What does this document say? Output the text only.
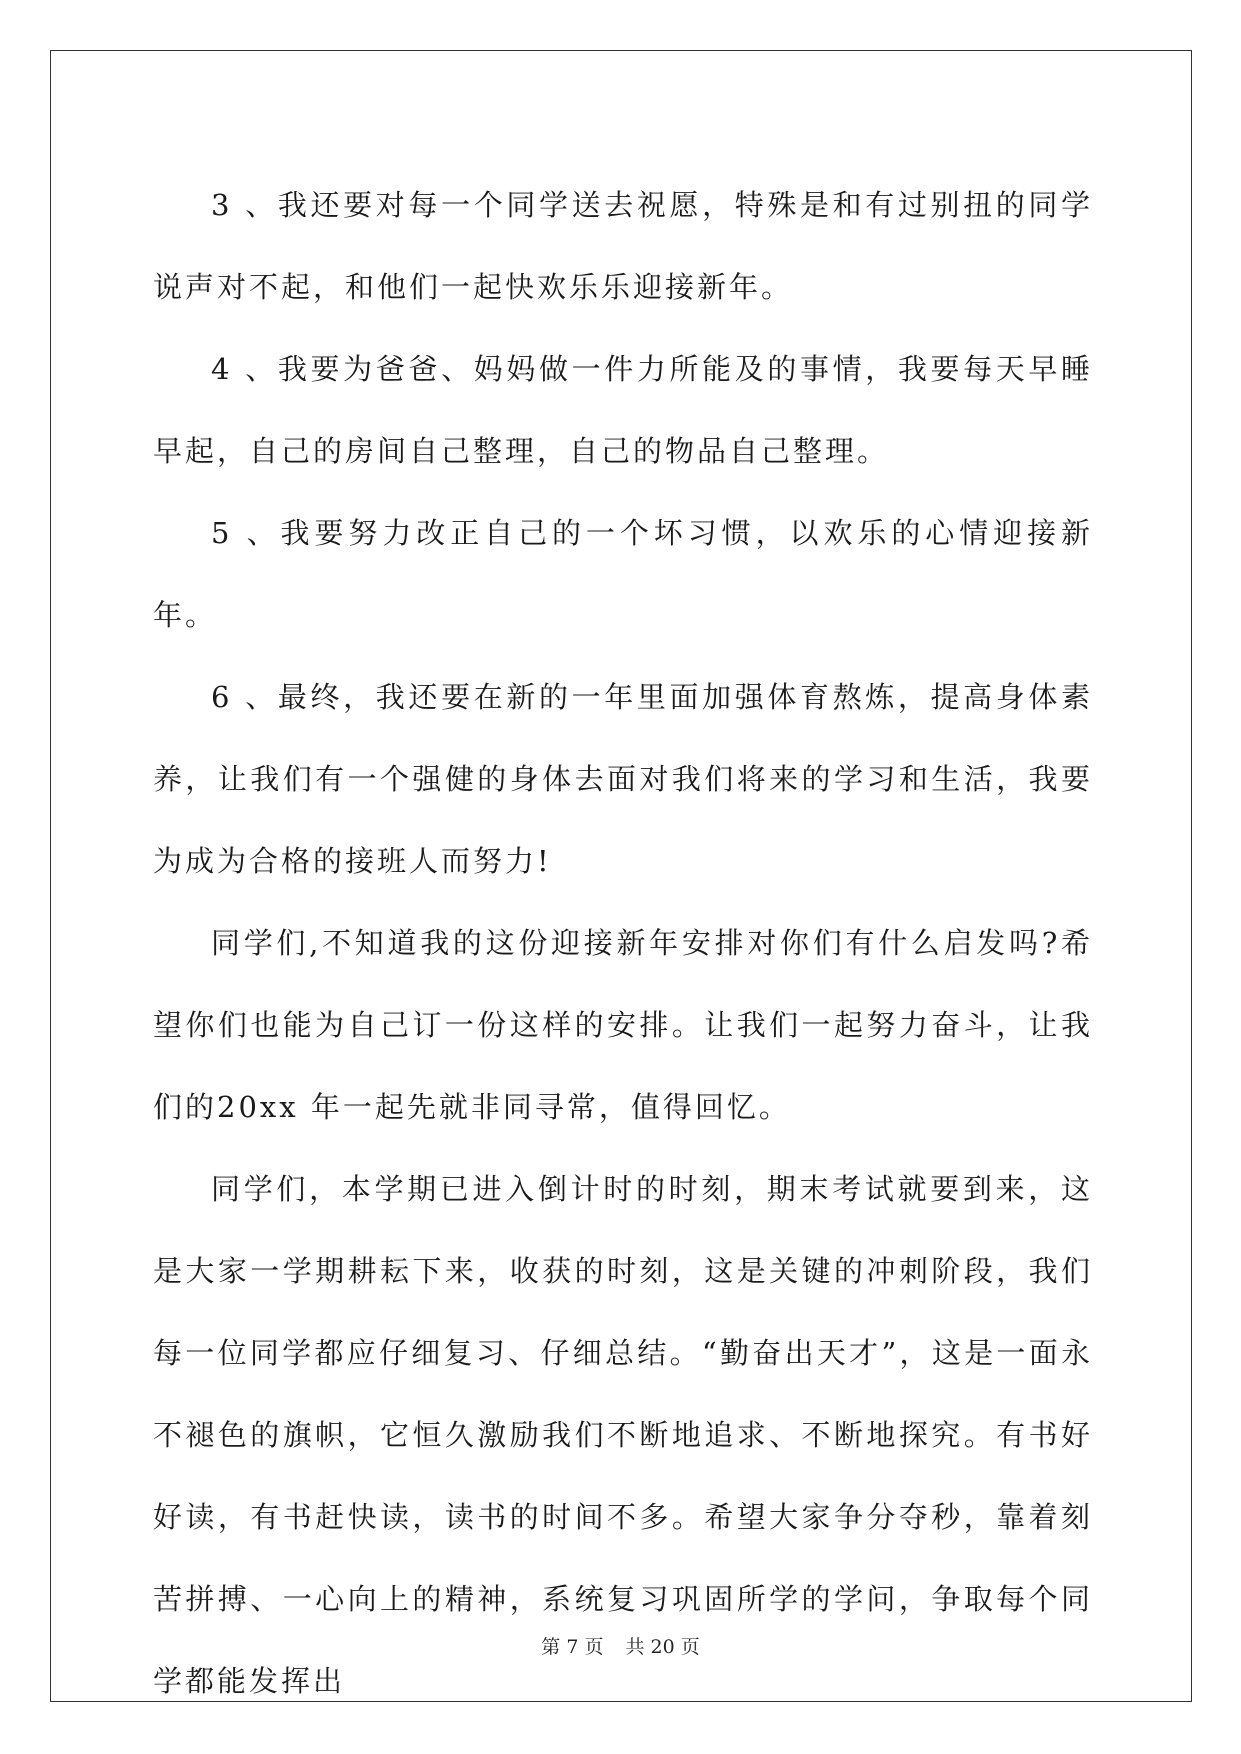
3 、我还要对每一个同学送去祝愿，特殊是和有过别扭的同学说声对不起，和他们一起快欢乐乐迎接新年。

4 、我要为爸爸、妈妈做一件力所能及的事情，我要每天早睡早起，自己的房间自己整理，自己的物品自己整理。

5 、我要努力改正自己的一个坏习惯，以欢乐的心情迎接新年。

6 、最终，我还要在新的一年里面加强体育熬炼，提高身体素养，让我们有一个强健的身体去面对我们将来的学习和生活，我要为成为合格的接班人而努力!

同学们,不知道我的这份迎接新年安排对你们有什么启发吗?希望你们也能为自己订一份这样的安排。让我们一起努力奋斗，让我们的20xx 年一起先就非同寻常，值得回忆。

同学们，本学期已进入倒计时的时刻，期末考试就要到来，这是大家一学期耕耘下来，收获的时刻，这是关键的冲刺阶段，我们每一位同学都应仔细复习、仔细总结。“勤奋出天才”，这是一面永不褪色的旗帜，它恒久激励我们不断地追求、不断地探究。有书好好读，有书赶快读，读书的时间不多。希望大家争分夺秒，靠着刻苦拼搏、一心向上的精神，系统复习巩固所学的学问，争取每个同学都能发挥出

第 7 页 共 20 页
